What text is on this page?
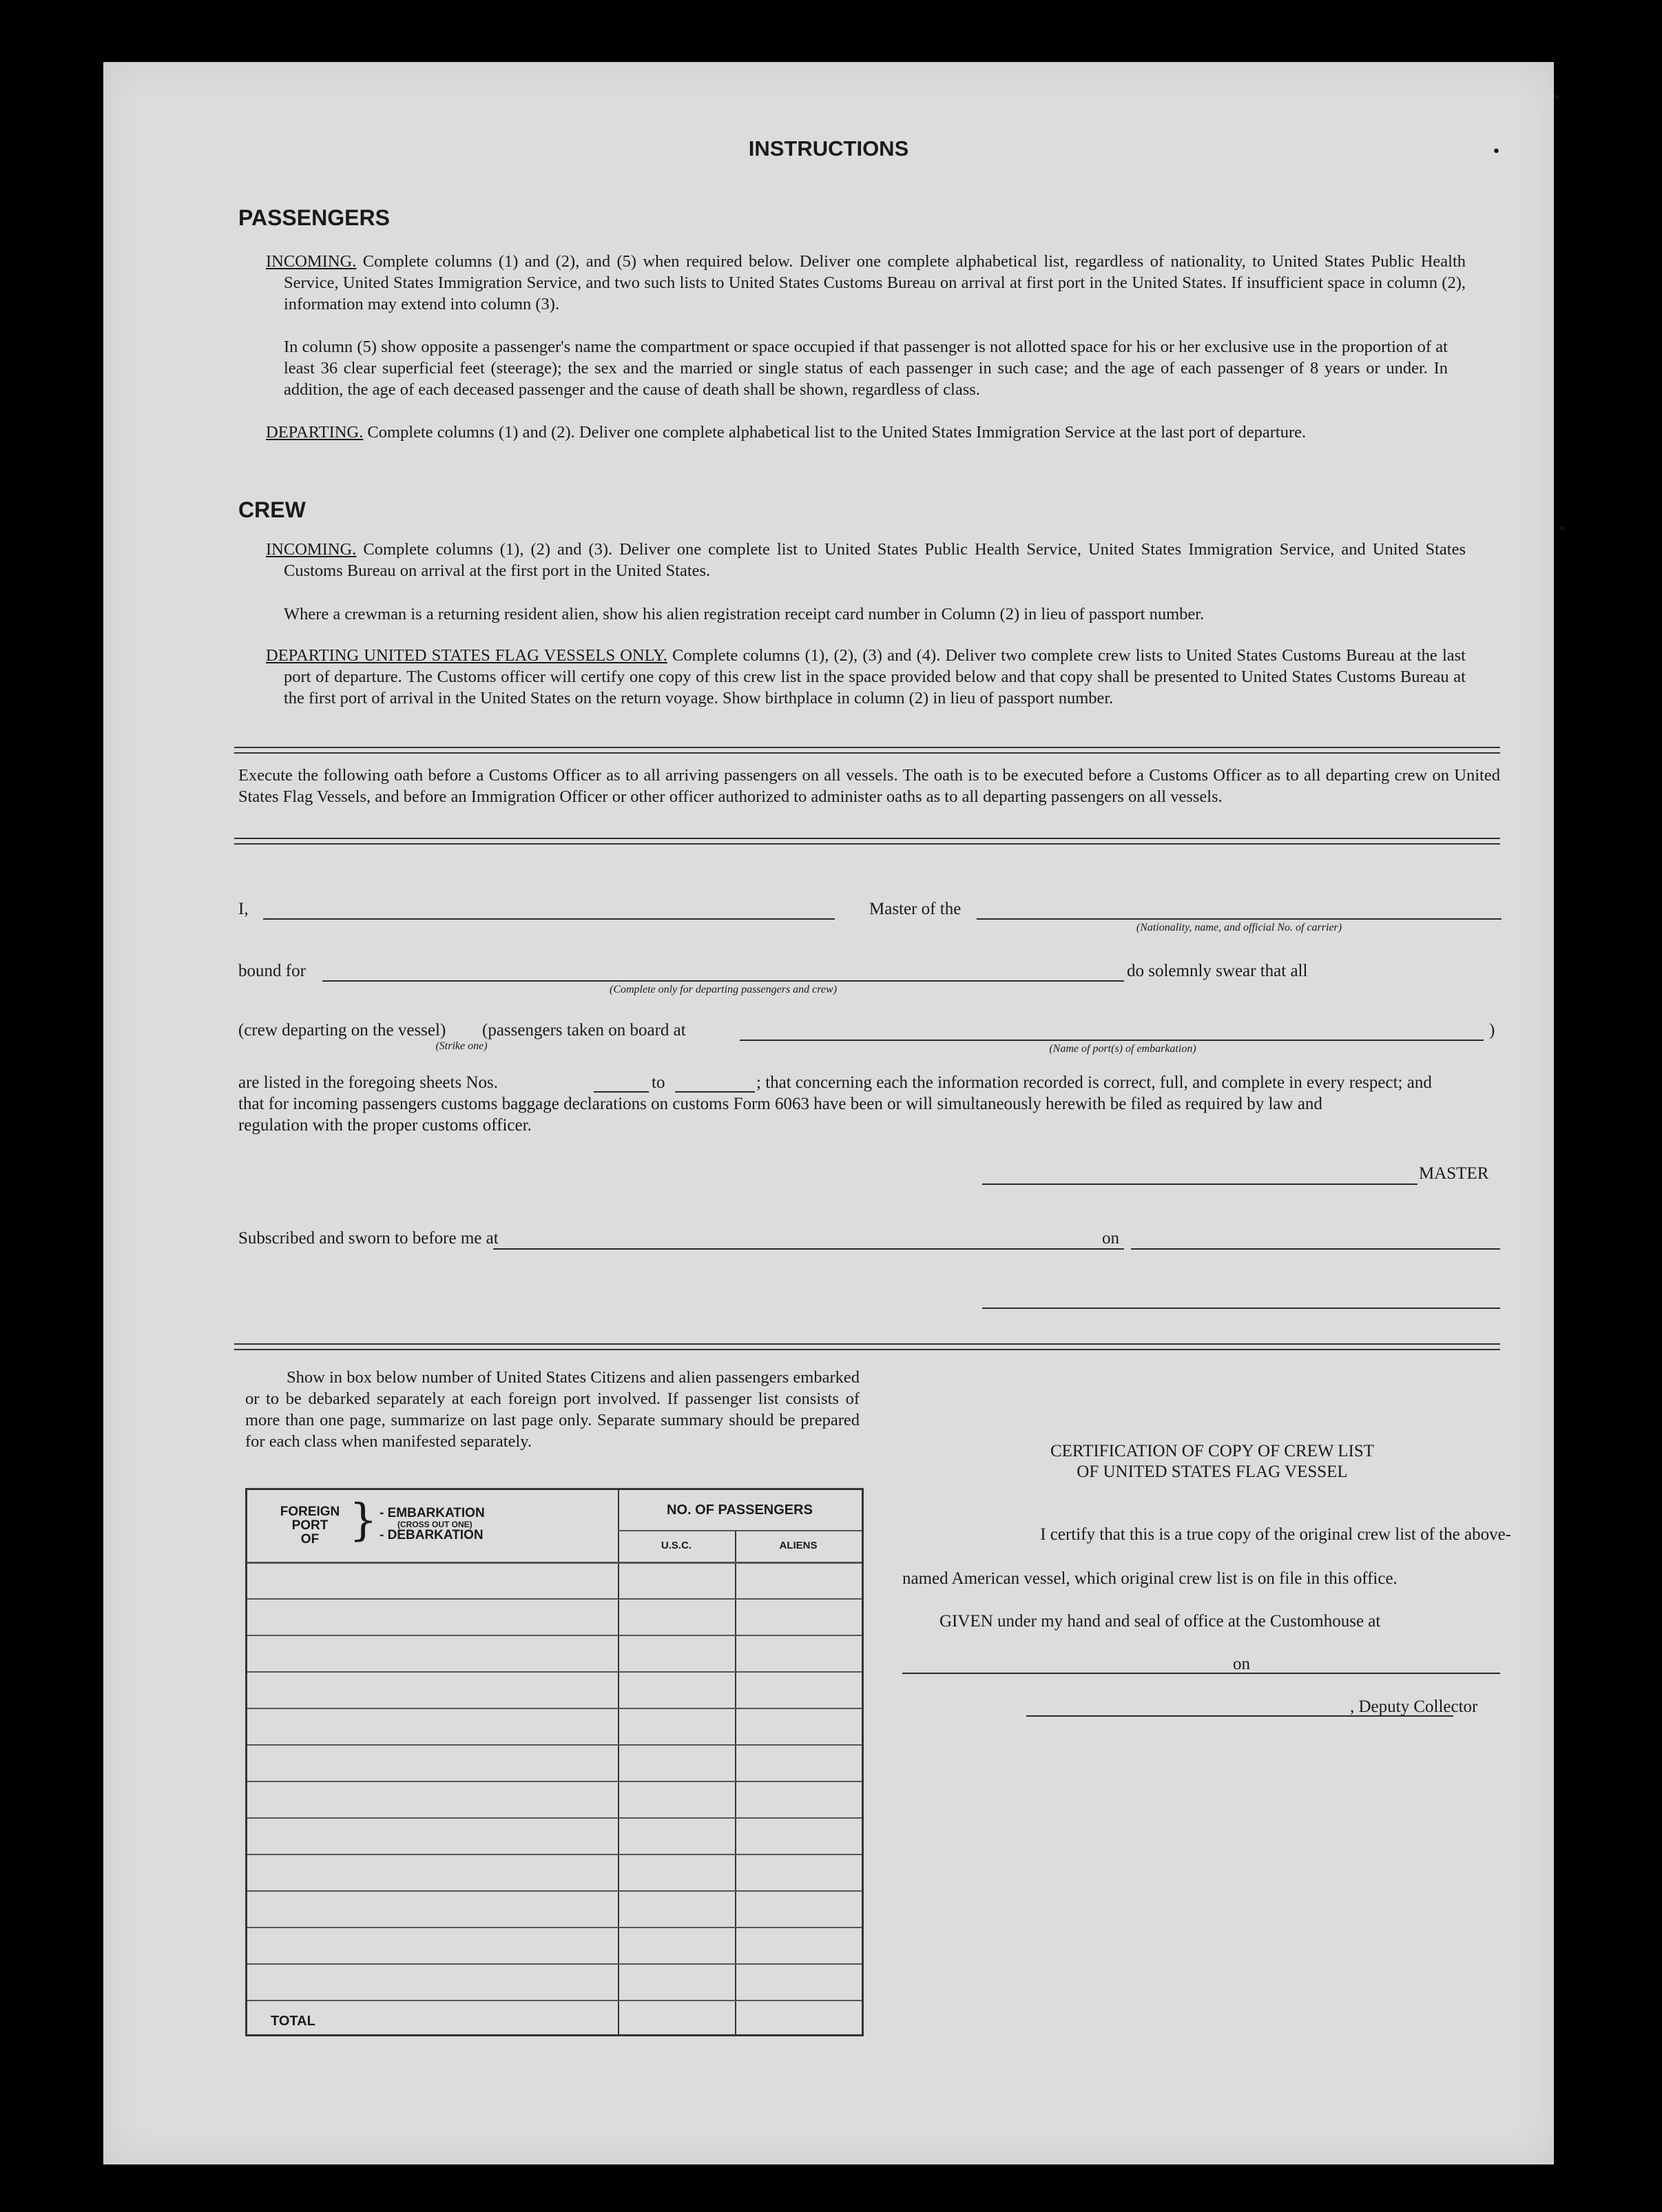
INSTRUCTIONS
PASSENGERS
INCOMING. Complete columns (1) and (2), and (5) when required below. Deliver one complete alphabetical list, regardless of nationality, to United States Public Health Service, United States Immigration Service, and two such lists to United States Customs Bureau on arrival at first port in the United States. If insufficient space in column (2), information may extend into column (3).
In column (5) show opposite a passenger's name the compartment or space occupied if that passenger is not allotted space for his or her exclusive use in the proportion of at least 36 clear superficial feet (steerage); the sex and the married or single status of each passenger in such case; and the age of each passenger of 8 years or under. In addition, the age of each deceased passenger and the cause of death shall be shown, regardless of class.
DEPARTING. Complete columns (1) and (2). Deliver one complete alphabetical list to the United States Immigration Service at the last port of departure.
CREW
INCOMING. Complete columns (1), (2) and (3). Deliver one complete list to United States Public Health Service, United States Immigration Service, and United States Customs Bureau on arrival at the first port in the United States.
Where a crewman is a returning resident alien, show his alien registration receipt card number in Column (2) in lieu of passport number.
DEPARTING UNITED STATES FLAG VESSELS ONLY. Complete columns (1), (2), (3) and (4). Deliver two complete crew lists to United States Customs Bureau at the last port of departure. The Customs officer will certify one copy of this crew list in the space provided below and that copy shall be presented to United States Customs Bureau at the first port of arrival in the United States on the return voyage. Show birthplace in column (2) in lieu of passport number.
Execute the following oath before a Customs Officer as to all arriving passengers on all vessels. The oath is to be executed before a Customs Officer as to all departing crew on United States Flag Vessels, and before an Immigration Officer or other officer authorized to administer oaths as to all departing passengers on all vessels.
I,	Master of the
(Nationality, name, and official No. of carrier)
bound for
(Complete only for departing passengers and crew)
do solemnly swear that all
(crew departing on the vessel) (passengers taken on board at
(Strike one)	(Name of port(s) of embarkation)
)
are listed in the foregoing sheets Nos.	to	; that concerning each the information recorded is correct, full, and complete in every respect; and
that for incoming passengers customs baggage declarations on customs Form 6063 have been or will simultaneously herewith be filed as required by law and
regulation with the proper customs officer.
MASTER
Subscribed and sworn to before me at	on
Show in box below number of United States Citizens and alien passengers embarked or to be debarked separately at each foreign port involved. If passenger list consists of more than one page, summarize on last page only. Separate summary should be prepared for each class when manifested separately.
FOREIGN
PORT
OF } - EMBARKATION
(CROSS OUT ONE)
- DEBARKATION
NO. OF PASSENGERS
U.S.C.	ALIENS
TOTAL
CERTIFICATION OF COPY OF CREW LIST
OF UNITED STATES FLAG VESSEL
I certify that this is a true copy of the original crew list of the above-
named American vessel, which original crew list is on file in this office.
GIVEN under my hand and seal of office at the Customhouse at
on
, Deputy Collector
•
•
•
